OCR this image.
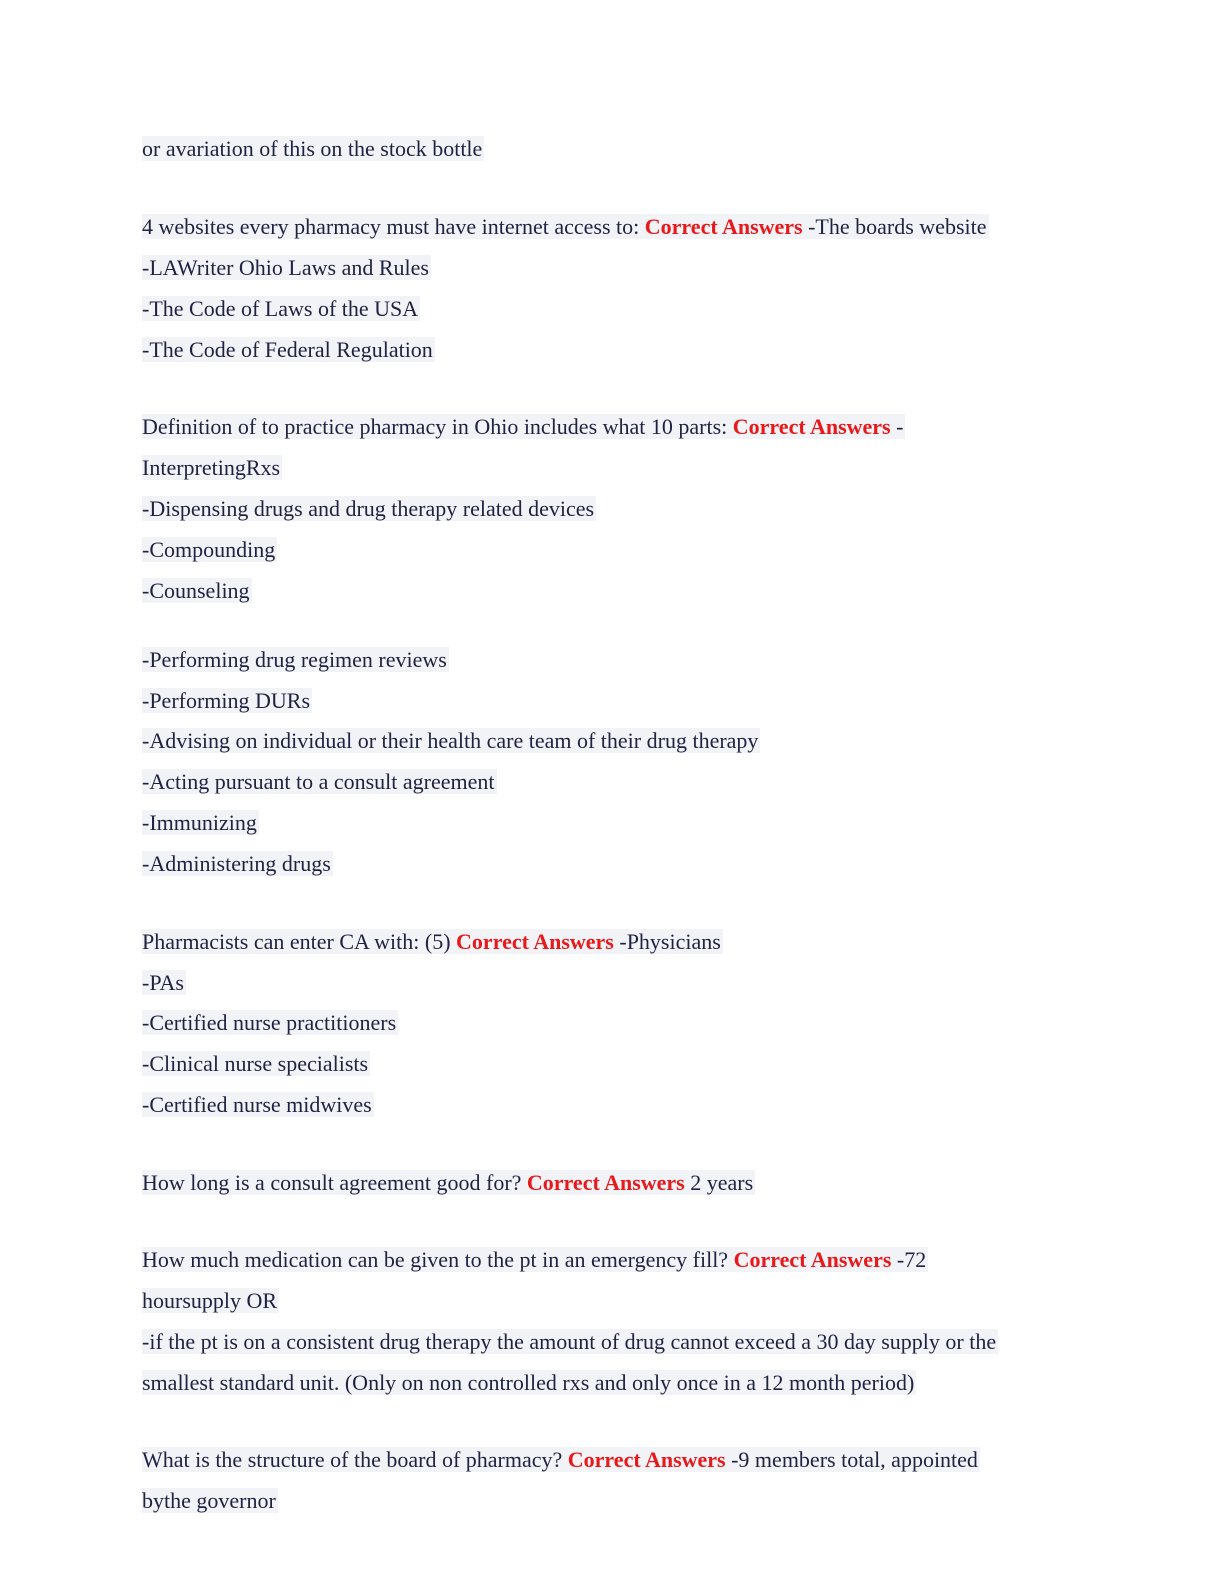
or avariation of this on the stock bottle
4 websites every pharmacy must have internet access to: Correct Answers -The boards website
-LAWriter Ohio Laws and Rules
-The Code of Laws of the USA
-The Code of Federal Regulation
Definition of to practice pharmacy in Ohio includes what 10 parts: Correct Answers -
InterpretingRxs
-Dispensing drugs and drug therapy related devices
-Compounding
-Counseling
-Performing drug regimen reviews
-Performing DURs
-Advising on individual or their health care team of their drug therapy
-Acting pursuant to a consult agreement
-Immunizing
-Administering drugs
Pharmacists can enter CA with: (5) Correct Answers -Physicians
-PAs
-Certified nurse practitioners
-Clinical nurse specialists
-Certified nurse midwives
How long is a consult agreement good for? Correct Answers 2 years
How much medication can be given to the pt in an emergency fill? Correct Answers -72
hoursupply OR
-if the pt is on a consistent drug therapy the amount of drug cannot exceed a 30 day supply or the
smallest standard unit. (Only on non controlled rxs and only once in a 12 month period)
What is the structure of the board of pharmacy? Correct Answers -9 members total, appointed
bythe governor
